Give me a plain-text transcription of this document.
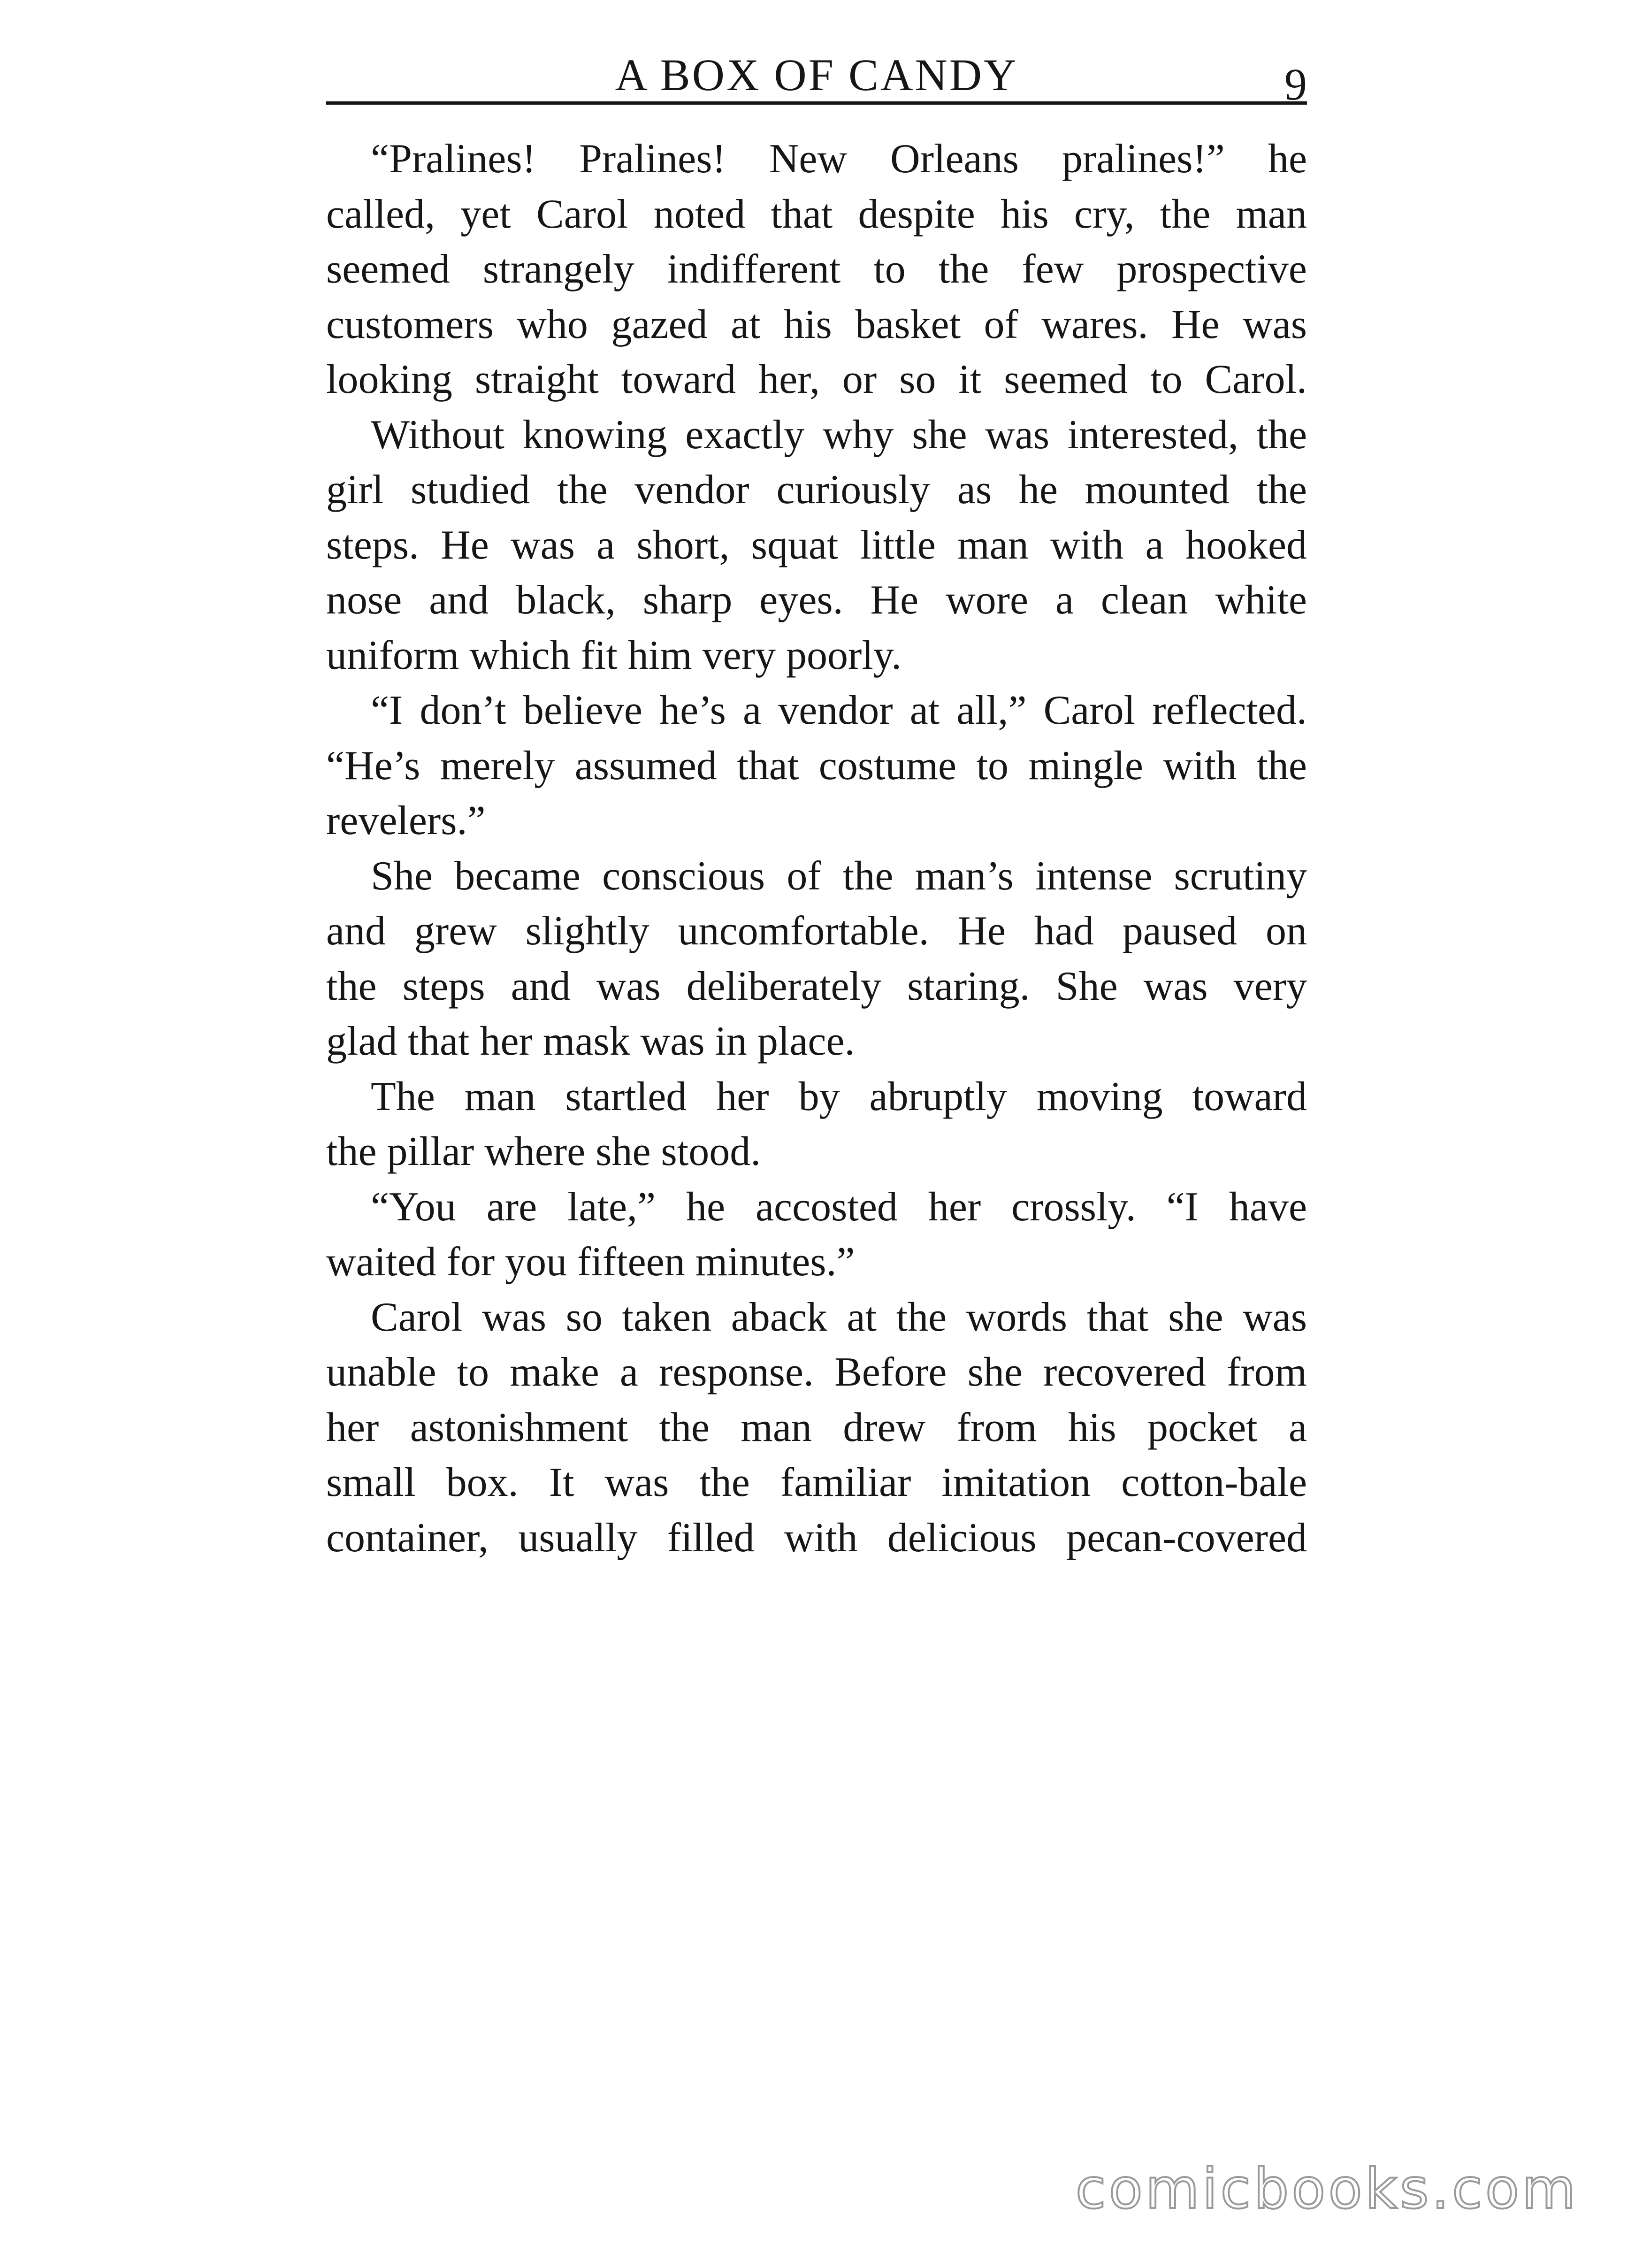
A BOX OF CANDY	9

“Pralines! Pralines! New Orleans pralines!” he
called, yet Carol noted that despite his cry, the man
seemed strangely indifferent to the few prospective
customers who gazed at his basket of wares. He was
looking straight toward her, or so it seemed to Carol.

Without knowing exactly why she was interested, the
girl studied the vendor curiously as he mounted the
steps. He was a short, squat little man with a hooked
nose and black, sharp eyes. He wore a clean white
uniform which fit him very poorly.

“I don’t believe he’s a vendor at all,” Carol reflected.
“He’s merely assumed that costume to mingle with the
revelers.”

She became conscious of the man’s intense scrutiny
and grew slightly uncomfortable. He had paused on
the steps and was deliberately staring. She was very
glad that her mask was in place.

The man startled her by abruptly moving toward
the pillar where she stood.

“You are late,” he accosted her crossly. “I have
waited for you fifteen minutes.”

Carol was so taken aback at the words that she was
unable to make a response. Before she recovered from
her astonishment the man drew from his pocket a
small box. It was the familiar imitation cotton-bale
container, usually filled with delicious pecan-covered

comicbooks.com
